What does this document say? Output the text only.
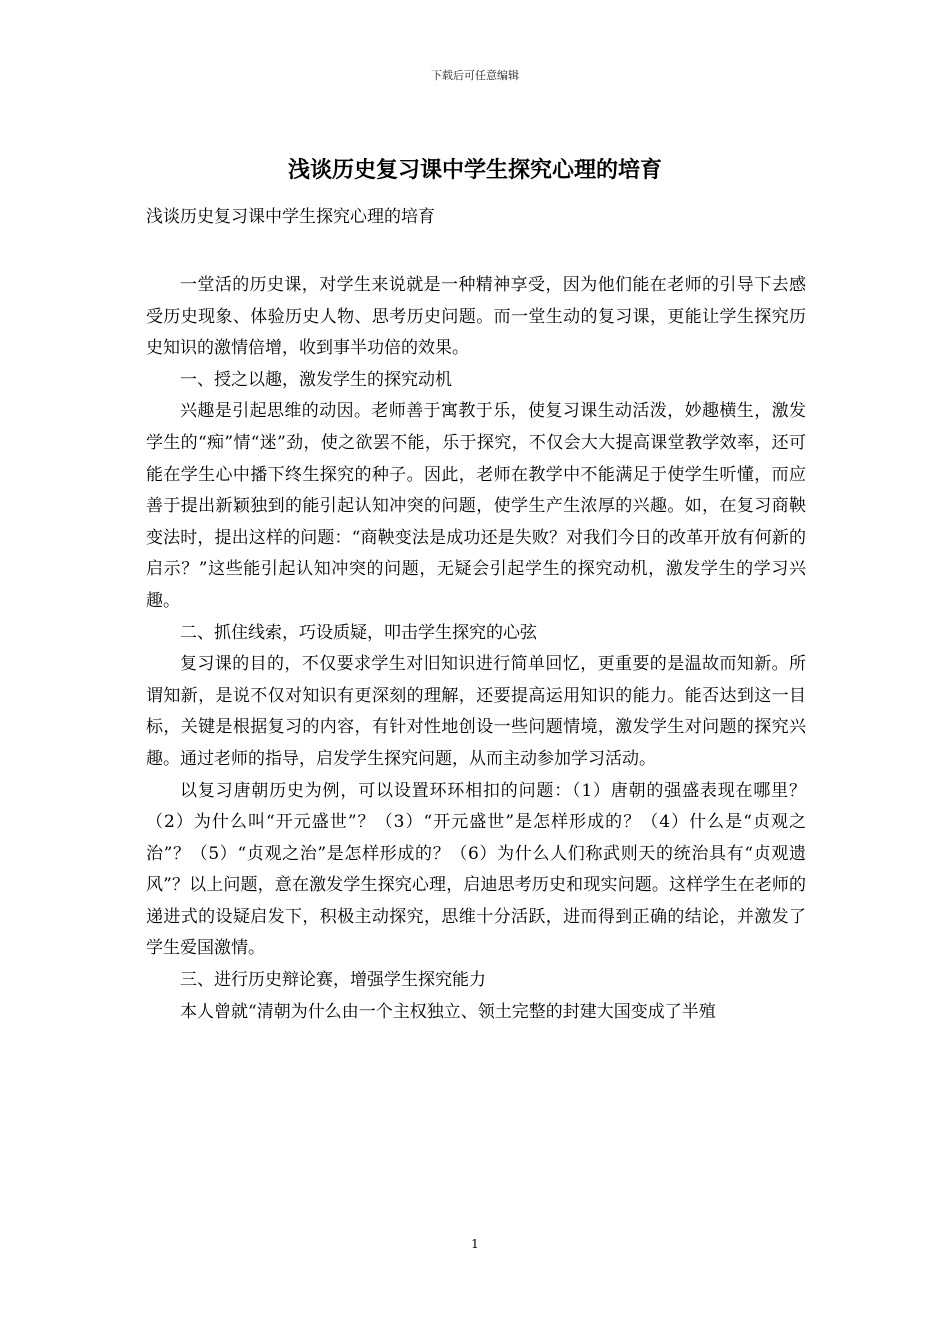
下载后可任意编辑
浅谈历史复习课中学生探究心理的培育
浅谈历史复习课中学生探究心理的培育

一堂活的历史课，对学生来说就是一种精神享受，因为他们能在老师的引导下去感受历史现象、体验历史人物、思考历史问题。而一堂生动的复习课，更能让学生探究历史知识的激情倍增，收到事半功倍的效果。

一、授之以趣，激发学生的探究动机

兴趣是引起思维的动因。老师善于寓教于乐，使复习课生动活泼，妙趣横生，激发学生的“痴”情“迷”劲，使之欲罢不能，乐于探究，不仅会大大提高课堂教学效率，还可能在学生心中播下终生探究的种子。因此，老师在教学中不能满足于使学生听懂，而应善于提出新颖独到的能引起认知冲突的问题，使学生产生浓厚的兴趣。如，在复习商鞅变法时，提出这样的问题：“商鞅变法是成功还是失败？对我们今日的改革开放有何新的启示？”这些能引起认知冲突的问题，无疑会引起学生的探究动机，激发学生的学习兴趣。

二、抓住线索，巧设质疑，叩击学生探究的心弦

复习课的目的，不仅要求学生对旧知识进行简单回忆，更重要的是温故而知新。所谓知新，是说不仅对知识有更深刻的理解，还要提高运用知识的能力。能否达到这一目标，关键是根据复习的内容，有针对性地创设一些问题情境，激发学生对问题的探究兴趣。通过老师的指导，启发学生探究问题，从而主动参加学习活动。

以复习唐朝历史为例，可以设置环环相扣的问题：（1）唐朝的强盛表现在哪里？（2）为什么叫“开元盛世”？（3）“开元盛世”是怎样形成的？（4）什么是“贞观之治”？（5）“贞观之治”是怎样形成的？（6）为什么人们称武则天的统治具有“贞观遗风”？以上问题，意在激发学生探究心理，启迪思考历史和现实问题。这样学生在老师的递进式的设疑启发下，积极主动探究，思维十分活跃，进而得到正确的结论，并激发了学生爱国激情。

三、进行历史辩论赛，增强学生探究能力

本人曾就“清朝为什么由一个主权独立、领土完整的封建大国变成了半殖

1
